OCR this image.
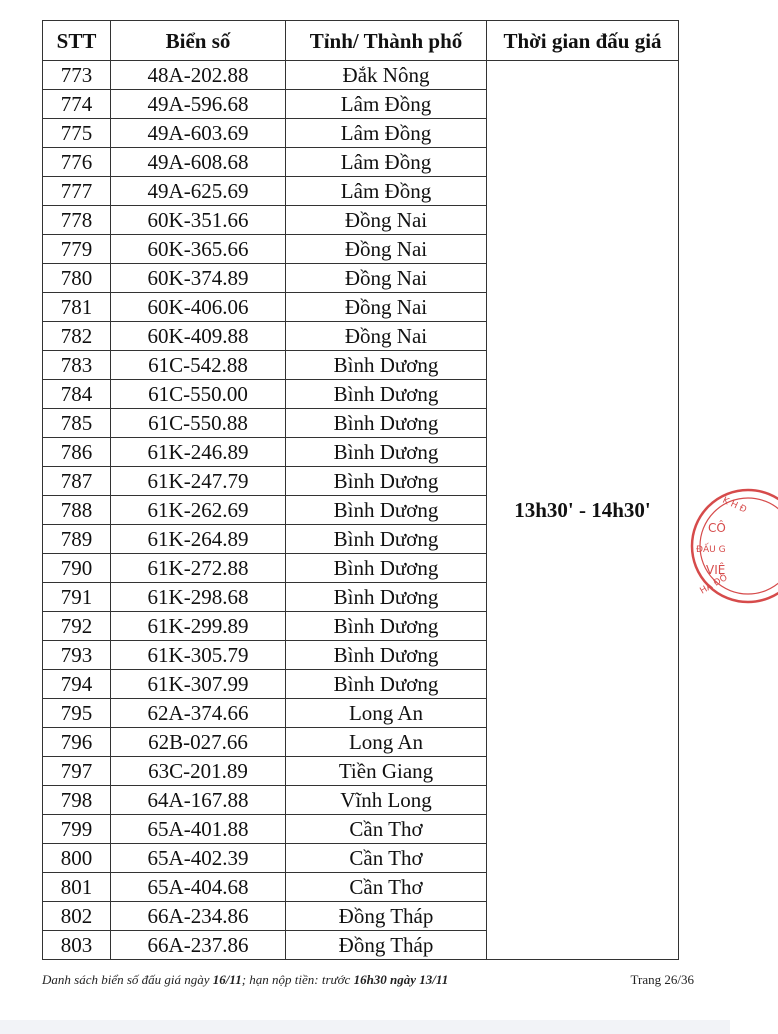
STT	Biển số	Tỉnh/ Thành phố	Thời gian đấu giá
773	48A-202.88	Đắk Nông	13h30' - 14h30'
774	49A-596.68	Lâm Đồng	
775	49A-603.69	Lâm Đồng	
776	49A-608.68	Lâm Đồng	
777	49A-625.69	Lâm Đồng	
778	60K-351.66	Đồng Nai	
779	60K-365.66	Đồng Nai	
780	60K-374.89	Đồng Nai	
781	60K-406.06	Đồng Nai	
782	60K-409.88	Đồng Nai	
783	61C-542.88	Bình Dương	
784	61C-550.00	Bình Dương	
785	61C-550.88	Bình Dương	
786	61K-246.89	Bình Dương	
787	61K-247.79	Bình Dương	
788	61K-262.69	Bình Dương	
789	61K-264.89	Bình Dương	
790	61K-272.88	Bình Dương	
791	61K-298.68	Bình Dương	
792	61K-299.89	Bình Dương	
793	61K-305.79	Bình Dương	
794	61K-307.99	Bình Dương	
795	62A-374.66	Long An	
796	62B-027.66	Long An	
797	63C-201.89	Tiền Giang	
798	64A-167.88	Vĩnh Long	
799	65A-401.88	Cần Thơ	
800	65A-402.39	Cần Thơ	
801	65A-404.68	Cần Thơ	
802	66A-234.86	Đồng Tháp	
803	66A-237.86	Đồng Tháp	
Danh sách biển số đấu giá ngày 16/11; hạn nộp tiền: trước 16h30 ngày 13/11	Trang 26/36
K H Đ
CÔ
ĐẤU G
VIỆ
HÀ ĐÔ
